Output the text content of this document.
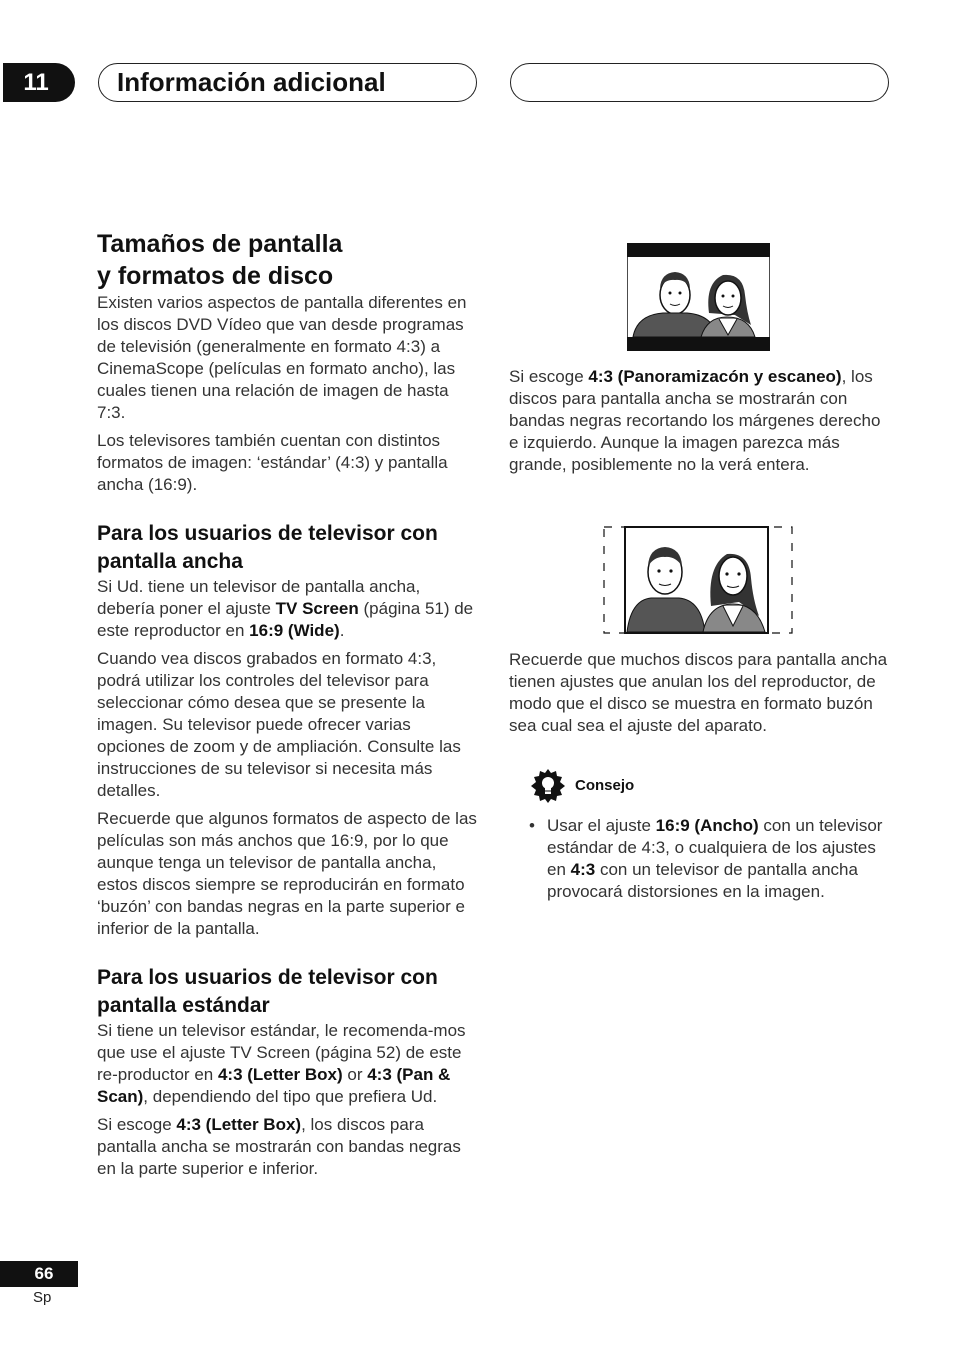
11	Información adicional
Tamaños de pantalla
y formatos de disco

Existen varios aspectos de pantalla diferentes en los discos DVD Vídeo que van desde programas de televisión (generalmente en formato 4:3) a CinemaScope (películas en formato ancho), las cuales tienen una relación de imagen de hasta 7:3.

Los televisores también cuentan con distintos formatos de imagen: ‘estándar’ (4:3) y pantalla ancha (16:9).

Para los usuarios de televisor con pantalla ancha

Si Ud. tiene un televisor de pantalla ancha, debería poner el ajuste TV Screen (página 51) de este reproductor en 16:9 (Wide).

Cuando vea discos grabados en formato 4:3, podrá utilizar los controles del televisor para seleccionar cómo desea que se presente la imagen. Su televisor puede ofrecer varias opciones de zoom y de ampliación. Consulte las instrucciones de su televisor si necesita más detalles.

Recuerde que algunos formatos de aspecto de las películas son más anchos que 16:9, por lo que aunque tenga un televisor de pantalla ancha, estos discos siempre se reproducirán en formato ‘buzón’ con bandas negras en la parte superior e inferior de la pantalla.

Para los usuarios de televisor con pantalla estándar

Si tiene un televisor estándar, le recomenda-mos que use el ajuste TV Screen (página 52) de este re-productor en 4:3 (Letter Box) or 4:3 (Pan & Scan), dependiendo del tipo que prefiera Ud.

Si escoge 4:3 (Letter Box), los discos para pantalla ancha se mostrarán con bandas negras en la parte superior e inferior.

Si escoge 4:3 (Panoramizacón y escaneo), los discos para pantalla ancha se mostrarán con bandas negras recortando los márgenes derecho e izquierdo. Aunque la imagen parezca más grande, posiblemente no la verá entera.

Recuerde que muchos discos para pantalla ancha tienen ajustes que anulan los del reproductor, de modo que el disco se muestra en formato buzón sea cual sea el ajuste del aparato.

Consejo
• Usar el ajuste 16:9 (Ancho) con un televisor estándar de 4:3, o cualquiera de los ajustes en 4:3 con un televisor de pantalla ancha provocará distorsiones en la imagen.
66
Sp
